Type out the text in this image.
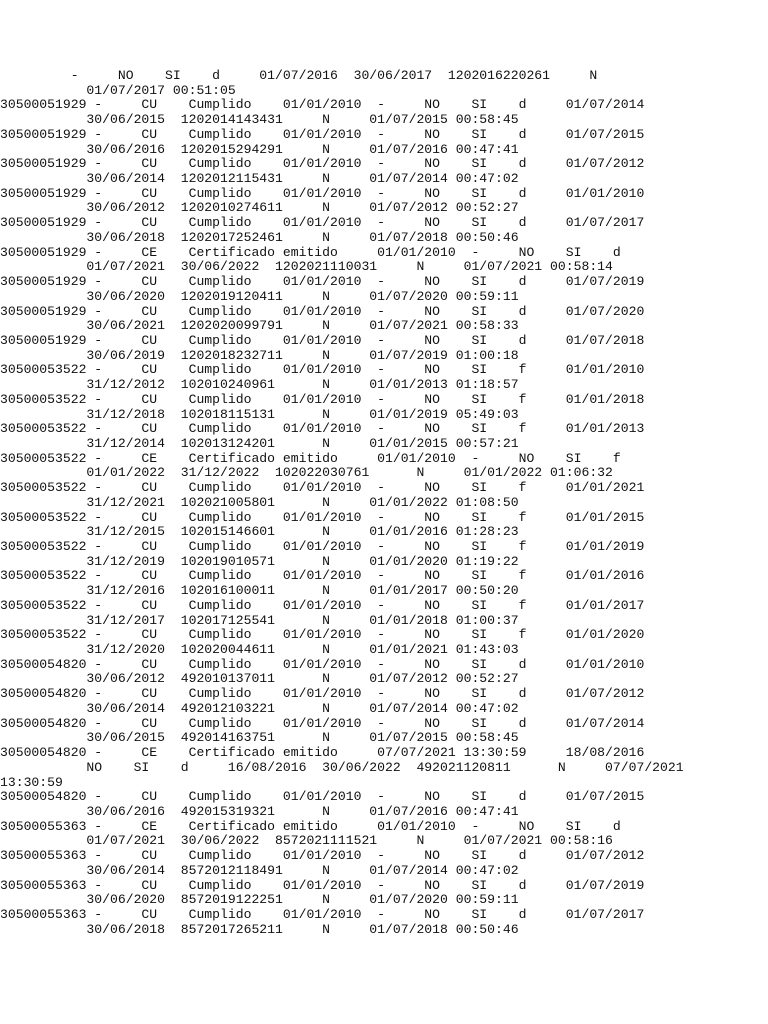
-     NO    SI    d     01/07/2016  30/06/2017  1202016220261     N
01/07/2017 00:51:05
30500051929 -     CU    Cumplido    01/01/2010  -     NO    SI    d     01/07/2014
30/06/2015  1202014143431     N     01/07/2015 00:58:45
30500051929 -     CU    Cumplido    01/01/2010  -     NO    SI    d     01/07/2015
30/06/2016  1202015294291     N     01/07/2016 00:47:41
30500051929 -     CU    Cumplido    01/01/2010  -     NO    SI    d     01/07/2012
30/06/2014  1202012115431     N     01/07/2014 00:47:02
30500051929 -     CU    Cumplido    01/01/2010  -     NO    SI    d     01/01/2010
30/06/2012  1202010274611     N     01/07/2012 00:52:27
30500051929 -     CU    Cumplido    01/01/2010  -     NO    SI    d     01/07/2017
30/06/2018  1202017252461     N     01/07/2018 00:50:46
30500051929 -     CE    Certificado emitido     01/01/2010  -     NO    SI    d
01/07/2021  30/06/2022  1202021110031     N     01/07/2021 00:58:14
30500051929 -     CU    Cumplido    01/01/2010  -     NO    SI    d     01/07/2019
30/06/2020  1202019120411     N     01/07/2020 00:59:11
30500051929 -     CU    Cumplido    01/01/2010  -     NO    SI    d     01/07/2020
30/06/2021  1202020099791     N     01/07/2021 00:58:33
30500051929 -     CU    Cumplido    01/01/2010  -     NO    SI    d     01/07/2018
30/06/2019  1202018232711     N     01/07/2019 01:00:18
30500053522 -     CU    Cumplido    01/01/2010  -     NO    SI    f     01/01/2010
31/12/2012  102010240961      N     01/01/2013 01:18:57
30500053522 -     CU    Cumplido    01/01/2010  -     NO    SI    f     01/01/2018
31/12/2018  102018115131      N     01/01/2019 05:49:03
30500053522 -     CU    Cumplido    01/01/2010  -     NO    SI    f     01/01/2013
31/12/2014  102013124201      N     01/01/2015 00:57:21
30500053522 -     CE    Certificado emitido     01/01/2010  -     NO    SI    f
01/01/2022  31/12/2022  102022030761      N     01/01/2022 01:06:32
30500053522 -     CU    Cumplido    01/01/2010  -     NO    SI    f     01/01/2021
31/12/2021  102021005801      N     01/01/2022 01:08:50
30500053522 -     CU    Cumplido    01/01/2010  -     NO    SI    f     01/01/2015
31/12/2015  102015146601      N     01/01/2016 01:28:23
30500053522 -     CU    Cumplido    01/01/2010  -     NO    SI    f     01/01/2019
31/12/2019  102019010571      N     01/01/2020 01:19:22
30500053522 -     CU    Cumplido    01/01/2010  -     NO    SI    f     01/01/2016
31/12/2016  102016100011      N     01/01/2017 00:50:20
30500053522 -     CU    Cumplido    01/01/2010  -     NO    SI    f     01/01/2017
31/12/2017  102017125541      N     01/01/2018 01:00:37
30500053522 -     CU    Cumplido    01/01/2010  -     NO    SI    f     01/01/2020
31/12/2020  102020044611      N     01/01/2021 01:43:03
30500054820 -     CU    Cumplido    01/01/2010  -     NO    SI    d     01/01/2010
30/06/2012  492010137011      N     01/07/2012 00:52:27
30500054820 -     CU    Cumplido    01/01/2010  -     NO    SI    d     01/07/2012
30/06/2014  492012103221      N     01/07/2014 00:47:02
30500054820 -     CU    Cumplido    01/01/2010  -     NO    SI    d     01/07/2014
30/06/2015  492014163751      N     01/07/2015 00:58:45
30500054820 -     CE    Certificado emitido     07/07/2021 13:30:59     18/08/2016
NO    SI    d     16/08/2016  30/06/2022  492021120811      N     07/07/2021
13:30:59
30500054820 -     CU    Cumplido    01/01/2010  -     NO    SI    d     01/07/2015
30/06/2016  492015319321      N     01/07/2016 00:47:41
30500055363 -     CE    Certificado emitido     01/01/2010  -     NO    SI    d
01/07/2021  30/06/2022  8572021111521     N     01/07/2021 00:58:16
30500055363 -     CU    Cumplido    01/01/2010  -     NO    SI    d     01/07/2012
30/06/2014  8572012118491     N     01/07/2014 00:47:02
30500055363 -     CU    Cumplido    01/01/2010  -     NO    SI    d     01/07/2019
30/06/2020  8572019122251     N     01/07/2020 00:59:11
30500055363 -     CU    Cumplido    01/01/2010  -     NO    SI    d     01/07/2017
30/06/2018  8572017265211     N     01/07/2018 00:50:46
